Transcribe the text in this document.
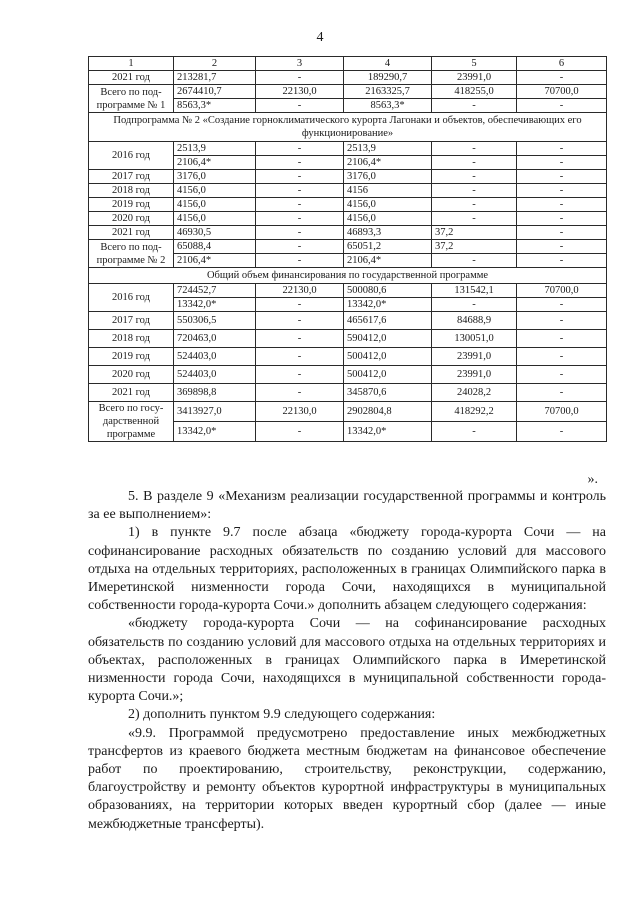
4
1	2	3	4	5	6
2021 год	213281,7	-	189290,7	23991,0	-
Всего по под-программе № 1	2674410,7	22130,0	2163325,7	418255,0	70700,0
	8563,3*	-	8563,3*	-	-
Подпрограмма № 2 «Создание горноклиматического курорта Лагонаки и объектов, обеспечивающих его функционирование»					
2016 год	2513,9	-	2513,9	-	-
	2106,4*	-	2106,4*	-	-
2017 год	3176,0	-	3176,0	-	-
2018 год	4156,0	-	4156	-	-
2019 год	4156,0	-	4156,0	-	-
2020 год	4156,0	-	4156,0	-	-
2021 год	46930,5	-	46893,3	37,2	-
Всего по под-программе № 2	65088,4	-	65051,2	37,2	-
	2106,4*	-	2106,4*	-	-
Общий объем финансирования по государственной программе					
2016 год	724452,7	22130,0	500080,6	131542,1	70700,0
	13342,0*	-	13342,0*	-	-
2017 год	550306,5	-	465617,6	84688,9	-
2018 год	720463,0	-	590412,0	130051,0	-
2019 год	524403,0	-	500412,0	23991,0	-
2020 год	524403,0	-	500412,0	23991,0	-
2021 год	369898,8	-	345870,6	24028,2	-
Всего по госу-дарственной программе	3413927,0	22130,0	2902804,8	418292,2	70700,0
	13342,0*	-	13342,0*	-	-
».

5. В разделе 9 «Механизм реализации государственной программы и контроль за ее выполнением»:

1) в пункте 9.7 после абзаца «бюджету города-курорта Сочи — на софинансирование расходных обязательств по созданию условий для массового отдыха на отдельных территориях, расположенных в границах Олимпийского парка в Имеретинской низменности города Сочи, находящихся в муниципальной собственности города-курорта Сочи.» дополнить абзацем следующего содержания:

«бюджету города-курорта Сочи — на софинансирование расходных обязательств по созданию условий для массового отдыха на отдельных территориях и объектах, расположенных в границах Олимпийского парка в Имеретинской низменности города Сочи, находящихся в муниципальной собственности города-курорта Сочи.»;

2) дополнить пунктом 9.9 следующего содержания:

«9.9. Программой предусмотрено предоставление иных межбюджетных трансфертов из краевого бюджета местным бюджетам на финансовое обеспечение работ по проектированию, строительству, реконструкции, содержанию, благоустройству и ремонту объектов курортной инфраструктуры в муниципальных образованиях, на территории которых введен курортный сбор (далее — иные межбюджетные трансферты).
